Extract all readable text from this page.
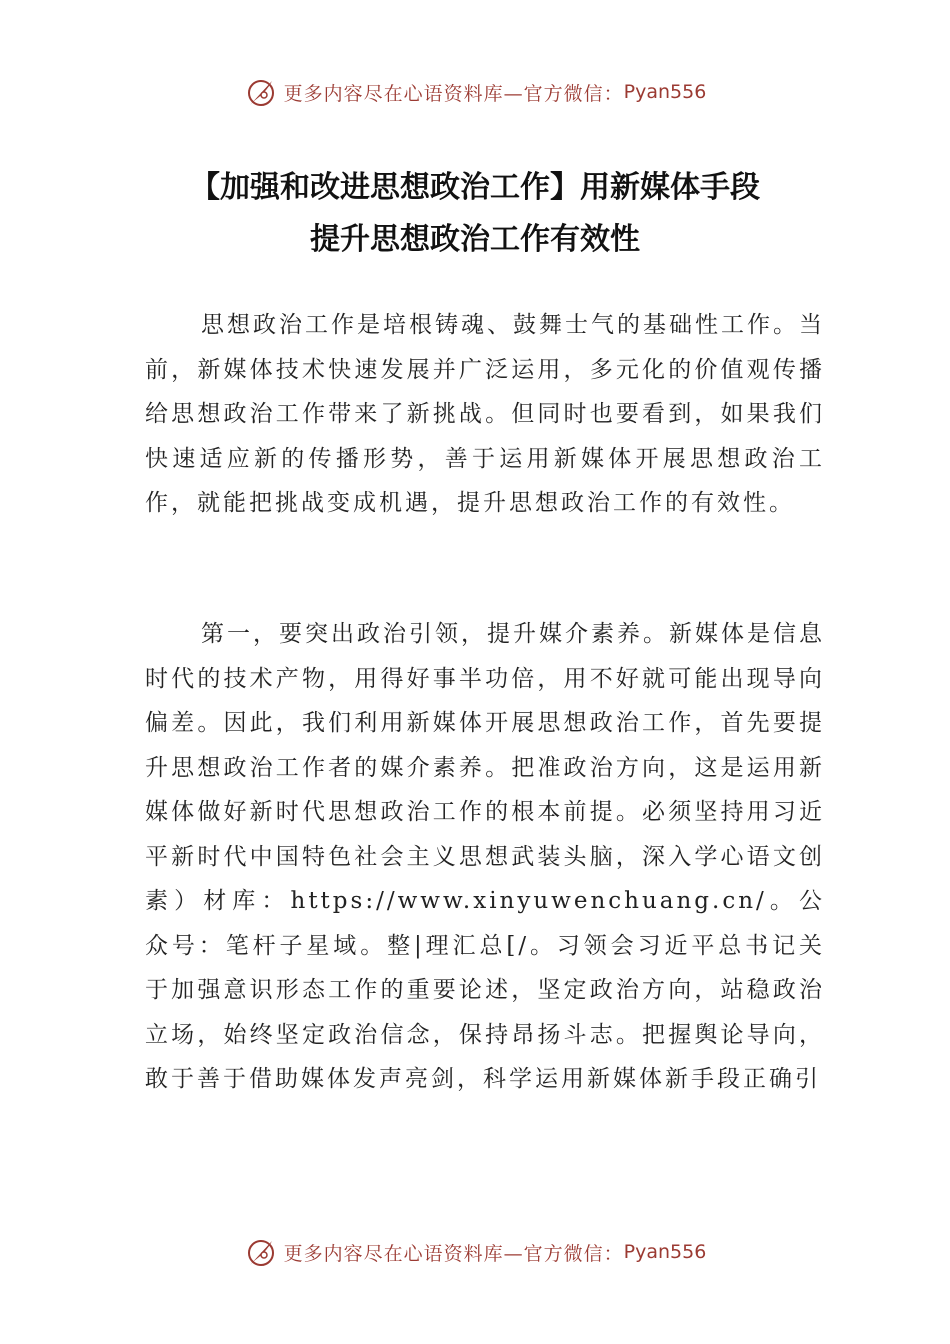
更多内容尽在心语资料库—官方微信： Pyan556
【加强和改进思想政治工作】用新媒体手段
提升思想政治工作有效性

思想政治工作是培根铸魂、鼓舞士气的基础性工作。当前，新媒体技术快速发展并广泛运用，多元化的价值观传播给思想政治工作带来了新挑战。但同时也要看到，如果我们快速适应新的传播形势，善于运用新媒体开展思想政治工作，就能把挑战变成机遇，提升思想政治工作的有效性。

第一，要突出政治引领，提升媒介素养。新媒体是信息时代的技术产物，用得好事半功倍，用不好就可能出现导向偏差。因此，我们利用新媒体开展思想政治工作，首先要提升思想政治工作者的媒介素养。把准政治方向，这是运用新媒体做好新时代思想政治工作的根本前提。必须坚持用习近平新时代中国特色社会主义思想武装头脑，深入学心语文创素）材库：https://www.xinyuwenchuang.cn/。公众号：笔杆子星域。整|理汇总[/。习领会习近平总书记关于加强意识形态工作的重要论述，坚定政治方向，站稳政治立场，始终坚定政治信念，保持昂扬斗志。把握舆论导向，敢于善于借助媒体发声亮剑，科学运用新媒体新手段正确引

更多内容尽在心语资料库—官方微信： Pyan556
